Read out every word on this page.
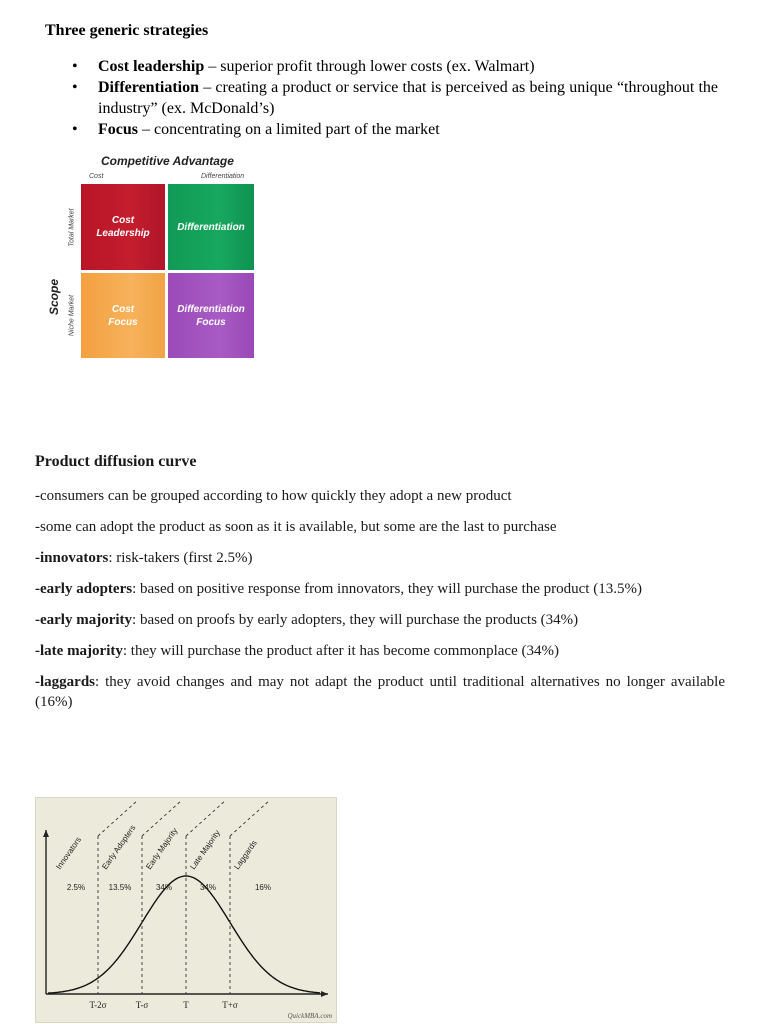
Three generic strategies
• Cost leadership – superior profit through lower costs (ex. Walmart)
• Differentiation – creating a product or service that is perceived as being unique “throughout the industry” (ex. McDonald’s)
• Focus – concentrating on a limited part of the market
Competitive Advantage
Cost	Differentiation
Scope
Total Market
Niche Market
Cost Leadership
Differentiation
Cost Focus
Differentiation Focus
Product diffusion curve

-consumers can be grouped according to how quickly they adopt a new product

-some can adopt the product as soon as it is available, but some are the last to purchase

-innovators: risk-takers (first 2.5%)

-early adopters: based on positive response from innovators, they will purchase the product (13.5%)

-early majority: based on proofs by early adopters, they will purchase the products (34%)

-late majority: they will purchase the product after it has become commonplace (34%)

-laggards: they avoid changes and may not adapt the product until traditional alternatives no longer available (16%)

T-2σ	T-σ	T	T+σ
2.5%	13.5%	34%	34%	16%
Innovators Early Adopters Early Majority Late Majority Laggards
QuickMBA.com
